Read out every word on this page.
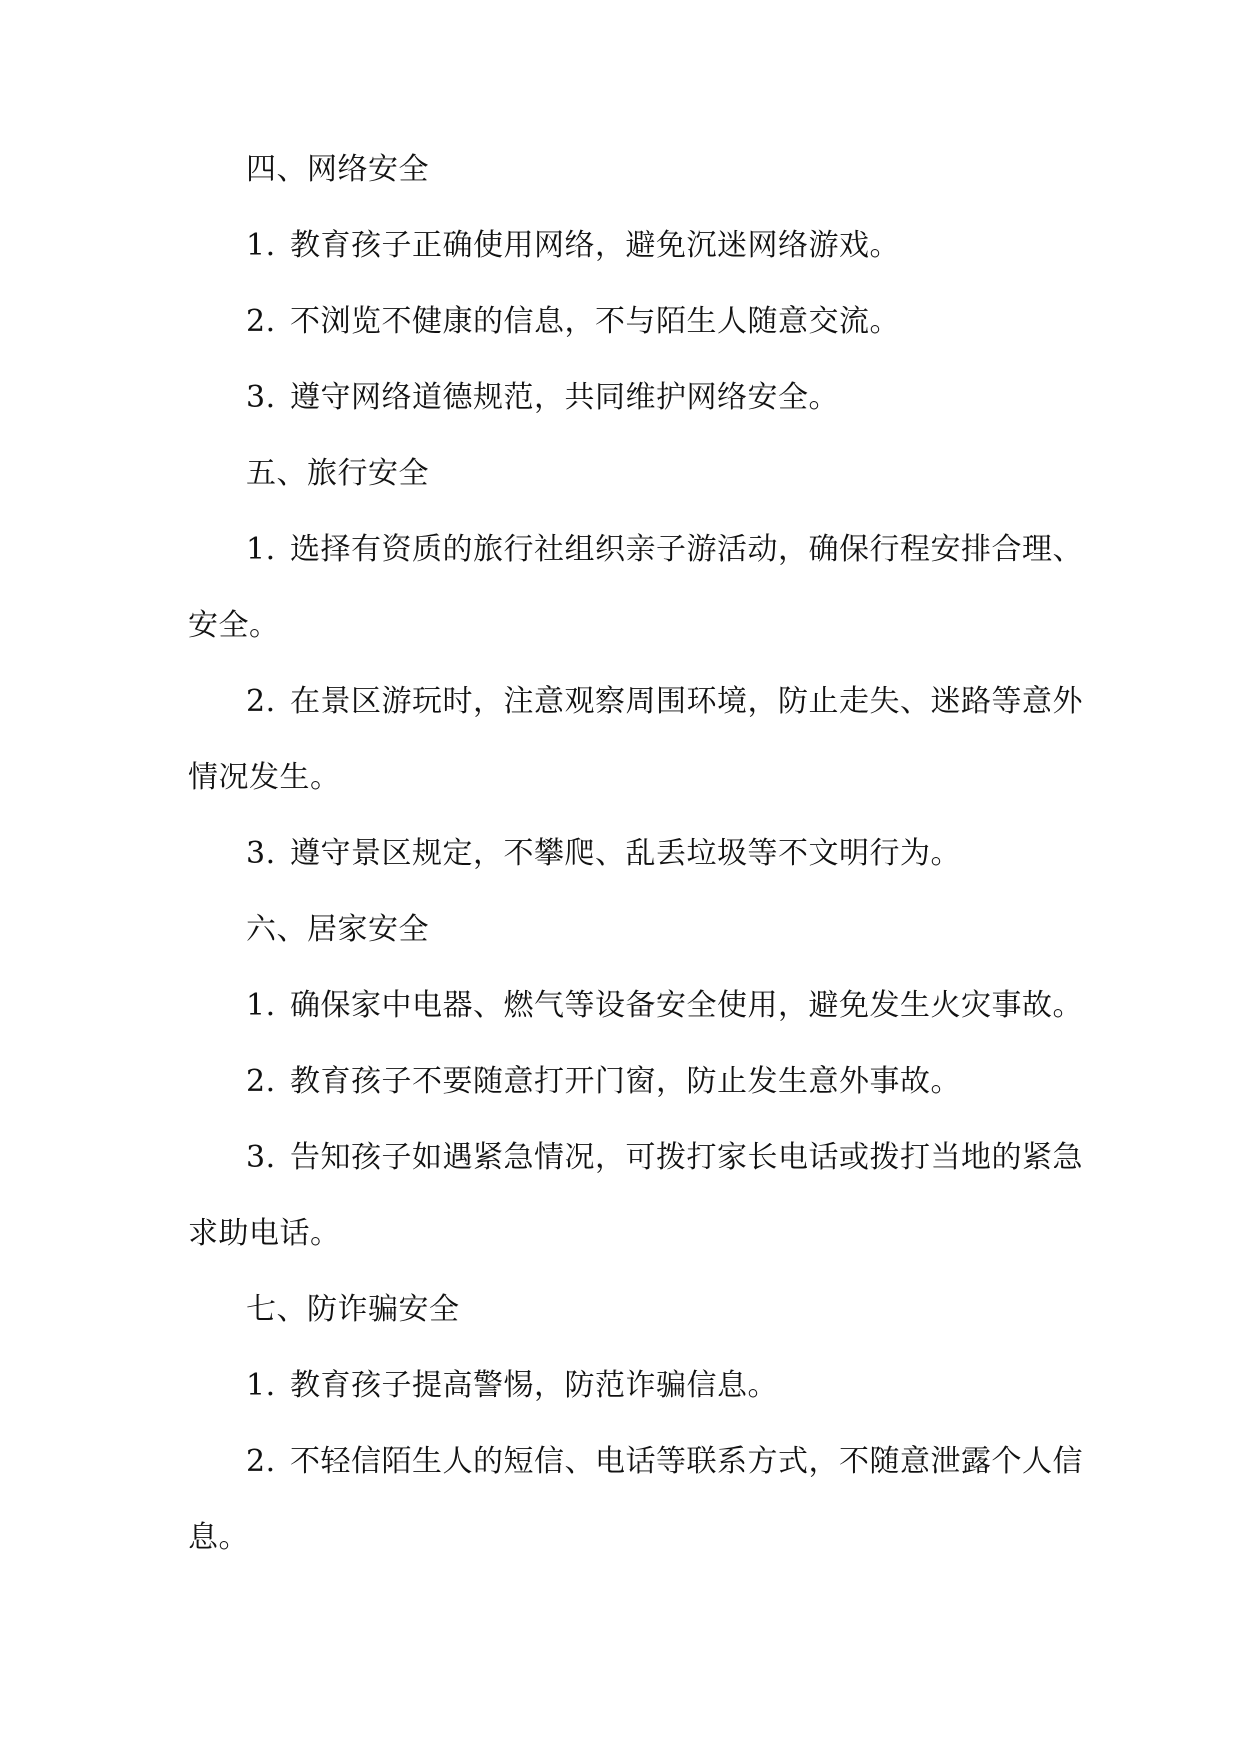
四、网络安全
1. 教育孩子正确使用网络，避免沉迷网络游戏。
2. 不浏览不健康的信息，不与陌生人随意交流。
3. 遵守网络道德规范，共同维护网络安全。
五、旅行安全
1. 选择有资质的旅行社组织亲子游活动，确保行程安排合理、
安全。
2. 在景区游玩时，注意观察周围环境，防止走失、迷路等意外
情况发生。
3. 遵守景区规定，不攀爬、乱丢垃圾等不文明行为。
六、居家安全
1. 确保家中电器、燃气等设备安全使用，避免发生火灾事故。
2. 教育孩子不要随意打开门窗，防止发生意外事故。
3. 告知孩子如遇紧急情况，可拨打家长电话或拨打当地的紧急
求助电话。
七、防诈骗安全
1. 教育孩子提高警惕，防范诈骗信息。
2. 不轻信陌生人的短信、电话等联系方式，不随意泄露个人信
息。
